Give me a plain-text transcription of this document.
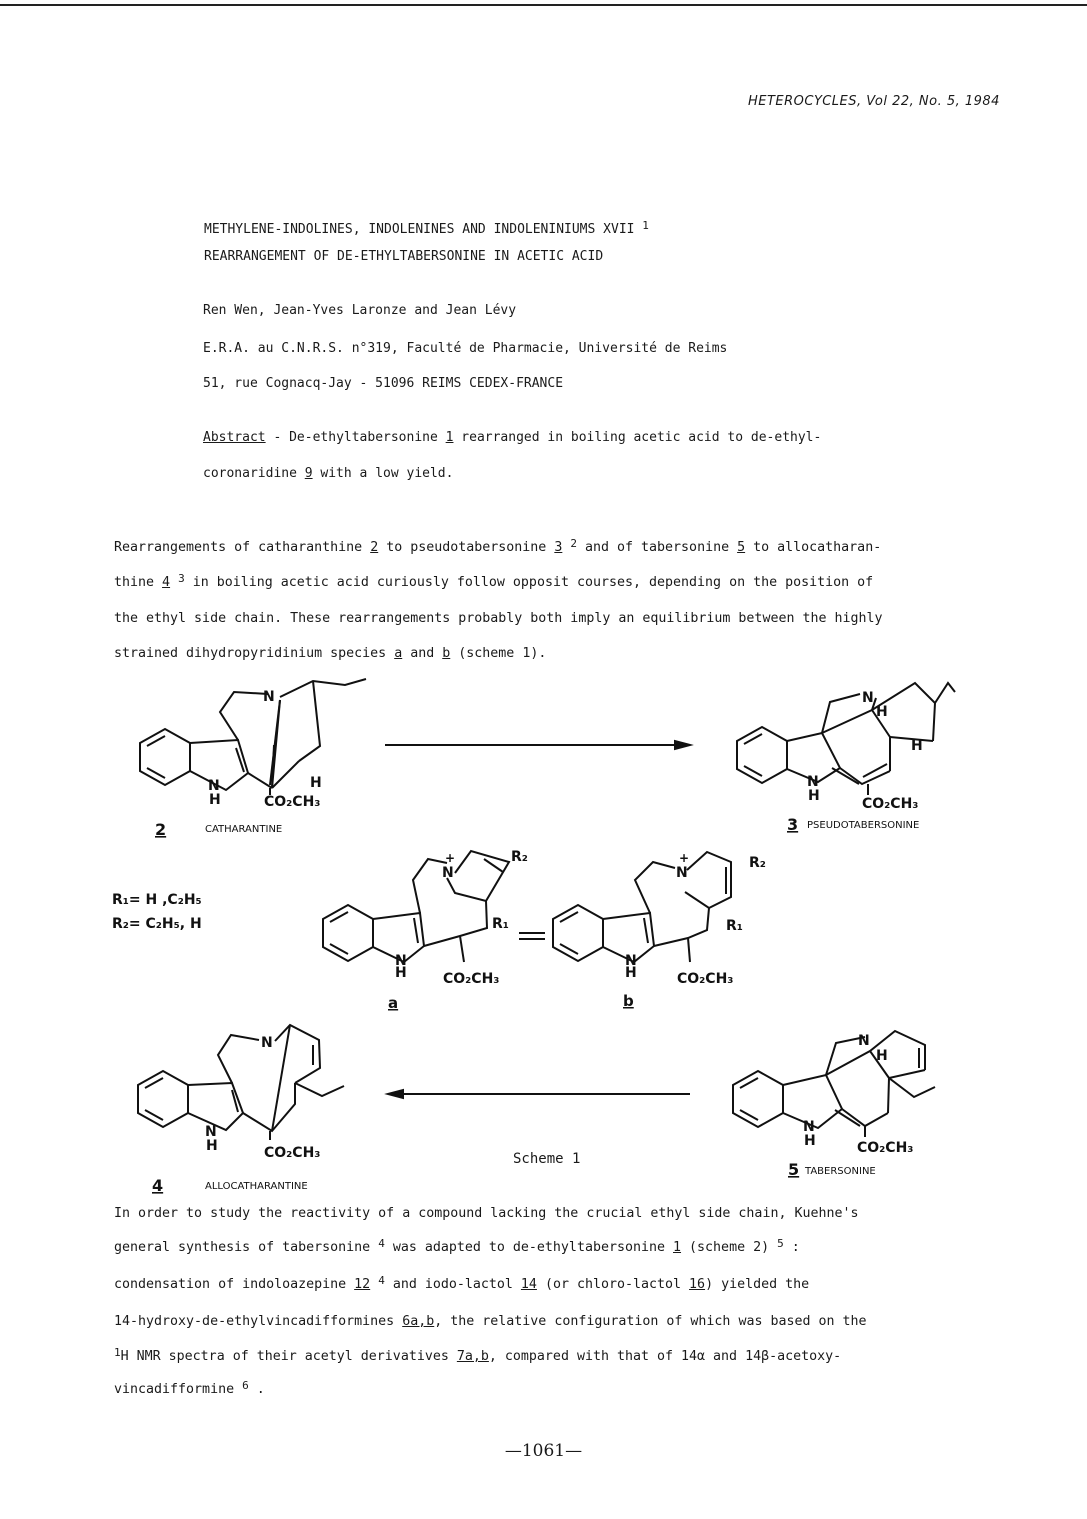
HETEROCYCLES, Vol 22, No. 5, 1984
METHYLENE-INDOLINES, INDOLENINES AND INDOLENINIUMS XVII $^1$
REARRANGEMENT OF DE-ETHYLTABERSONINE IN ACETIC ACID
Ren Wen, Jean-Yves Laronze and Jean Lévy
E.R.A. au C.N.R.S. n°319, Faculté de Pharmacie, Université de Reims
51, rue Cognacq-Jay - 51096 REIMS CEDEX-FRANCE
Abstract - De-ethyltabersonine 1 rearranged in boiling acetic acid to de-ethyl-
coronaridine 9 with a low yield.
Rearrangements of catharanthine 2 to pseudotabersonine 3 $^2$ and of tabersonine 5 to allocatharan-
thine 4 $^3$ in boiling acetic acid curiously follow opposit courses, depending on the position of
the ethyl side chain. These rearrangements probably both imply an equilibrium between the highly
strained dihydropyridinium species a and b (scheme 1).
N
H
N
H	CO₂CH₃
2	CATHARANTINE
N
H
H
N
H	CO₂CH₃
3 PSEUDOTABERSONINE
R₁= H ,C₂H₅
R₂= C₂H₅, H
N
+	R₂
R₁
N
H	CO₂CH₃
a
N
+	R₂
R₁
N
H	CO₂CH₃
b
N
N
H	CO₂CH₃
4	ALLOCATHARANTINE
N
H
N
H	CO₂CH₃
5 TABERSONINE
Scheme 1
In order to study the reactivity of a compound lacking the crucial ethyl side chain, Kuehne's
general synthesis of tabersonine $^4$ was adapted to de-ethyltabersonine 1 (scheme 2) $^5$ :
condensation of indoloazepine 12 $^4$ and iodo-lactol 14 (or chloro-lactol 16) yielded the
14-hydroxy-de-ethylvincadifformines 6a,b, the relative configuration of which was based on the
$^1$H NMR spectra of their acetyl derivatives 7a,b, compared with that of 14α and 14β-acetoxy-
vincadifformine $^6$ .
—1061—
